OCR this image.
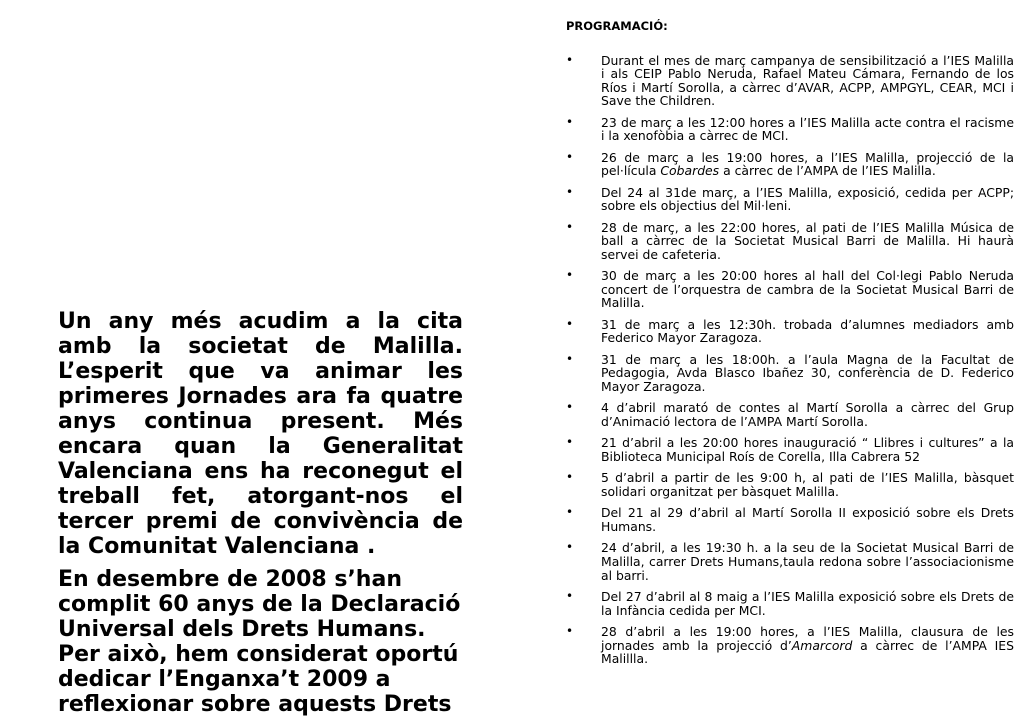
Un any més acudim a la cita amb la societat de Malilla. L’esperit que va animar les primeres Jornades ara fa quatre anys continua present. Més encara quan la Generalitat Valenciana ens ha reconegut el treball fet, atorgant-nos el tercer premi de convivència de la Comunitat Valenciana .

En desembre de 2008 s’han complit 60 anys de la Declaració Universal dels Drets Humans. Per això, hem considerat oportú dedicar l’Enganxa’t 2009 a reflexionar sobre aquests Drets

PROGRAMACIÓ:
• Durant el mes de març campanya de sensibilització a l’IES Malilla i als CEIP Pablo Neruda, Rafael Mateu Cámara, Fernando de los Ríos i Martí Sorolla, a càrrec d’AVAR, ACPP, AMPGYL, CEAR, MCI i Save the Children.
• 23 de març a les 12:00 hores a l’IES Malilla acte contra el racisme i la xenofòbia a càrrec de MCI.
• 26 de març a les 19:00 hores, a l’IES Malilla, projecció de la pel·lícula Cobardes a càrrec de l’AMPA de l’IES Malilla.
• Del 24 al 31de març, a l’IES Malilla, exposició, cedida per ACPP; sobre els objectius del Mil·leni.
• 28 de març, a les 22:00 hores, al pati de l’IES Malilla Música de ball a càrrec de la Societat Musical Barri de Malilla. Hi haurà servei de cafeteria.
• 30 de març a les 20:00 hores al hall del Col·legi Pablo Neruda concert de l’orquestra de cambra de la Societat Musical Barri de Malilla.
• 31 de març a les 12:30h. trobada d’alumnes mediadors amb Federico Mayor Zaragoza.
• 31 de març a les 18:00h. a l’aula Magna de la Facultat de Pedagogia, Avda Blasco Ibañez 30, conferència de D. Federico Mayor Zaragoza.
• 4 d’abril marató de contes al Martí Sorolla a càrrec del Grup d’Animació lectora de l’AMPA Martí Sorolla.
• 21 d’abril a les 20:00 hores inauguració “ Llibres i cultures” a la Biblioteca Municipal Roís de Corella, Illa Cabrera 52
• 5 d’abril a partir de les 9:00 h, al pati de l’IES Malilla, bàsquet solidari organitzat per bàsquet Malilla.
• Del 21 al 29 d’abril al Martí Sorolla II exposició sobre els Drets Humans.
• 24 d’abril, a les 19:30 h. a la seu de la Societat Musical Barri de Malilla, carrer Drets Humans,taula redona sobre l’associacionisme al barri.
• Del 27 d’abril al 8 maig a l’IES Malilla exposició sobre els Drets de la Infància cedida per MCI.
• 28 d’abril a les 19:00 hores, a l’IES Malilla, clausura de les jornades amb la projecció d’Amarcord a càrrec de l’AMPA IES Malillla.
